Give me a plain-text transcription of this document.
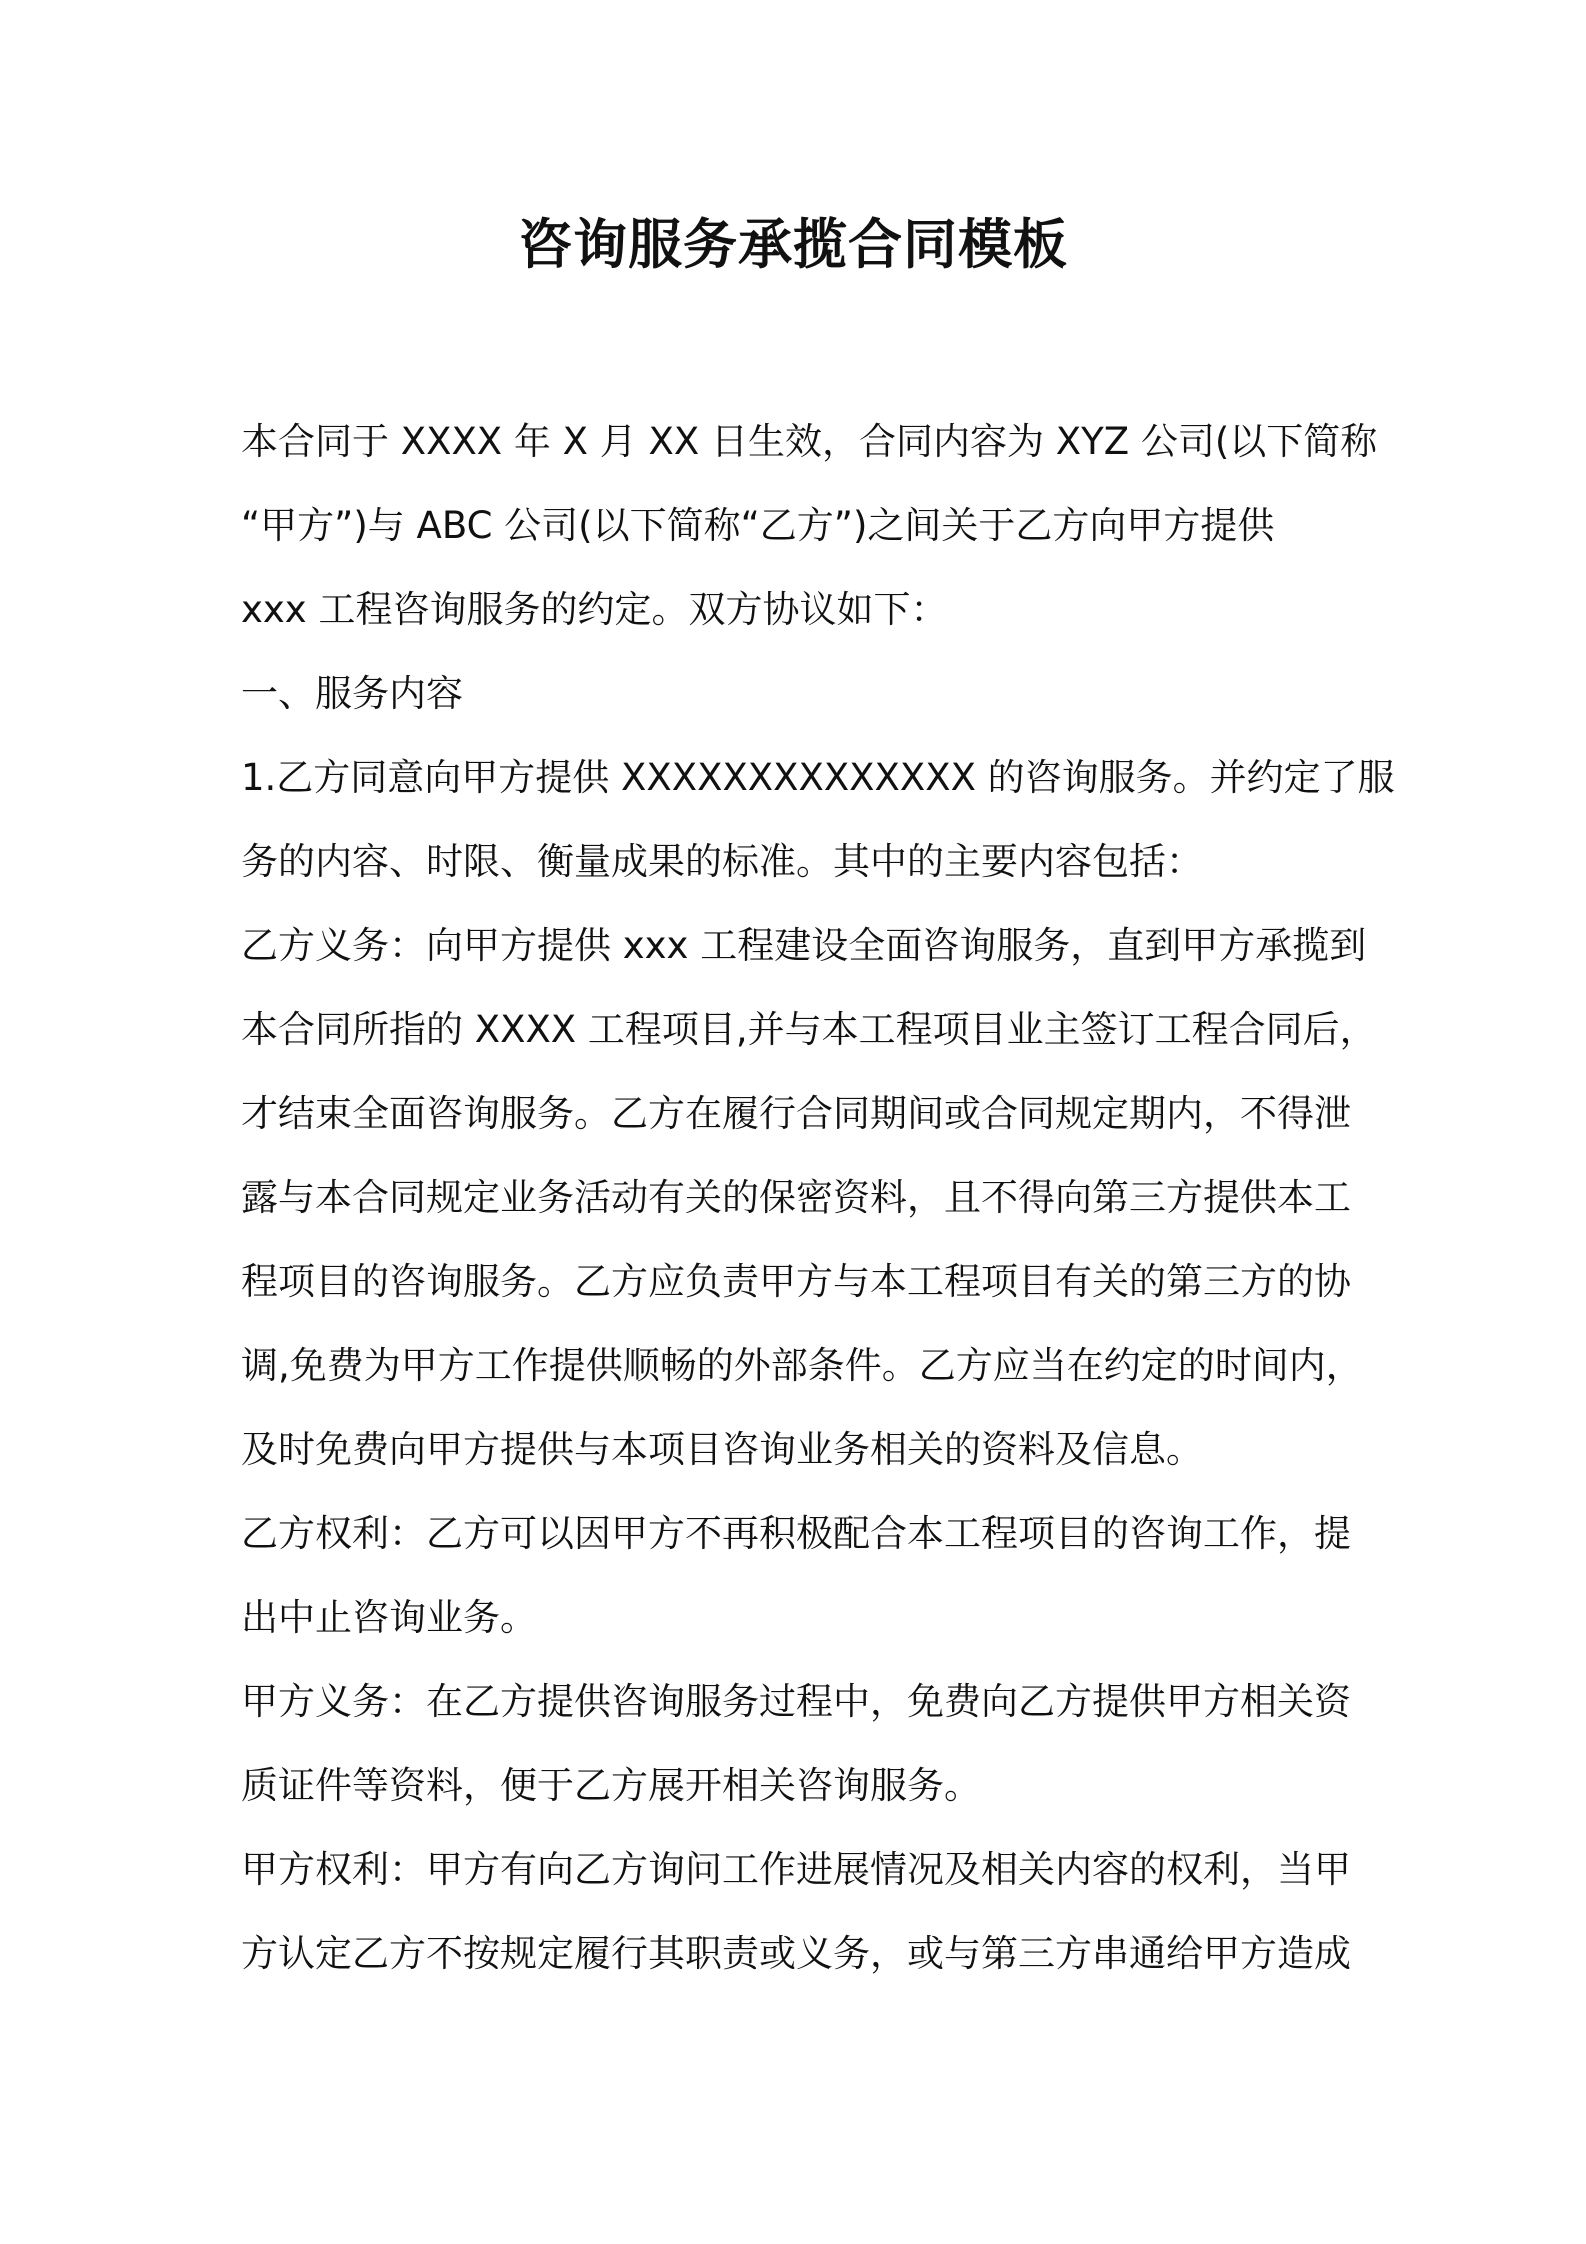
咨询服务承揽合同模板

本合同于 XXXX 年 X 月 XX 日生效，合同内容为 XYZ 公司(以下简称

“甲方”)与 ABC 公司(以下简称“乙方”)之间关于乙方向甲方提供

xxx 工程咨询服务的约定。双方协议如下：

一、服务内容

1.乙方同意向甲方提供 XXXXXXXXXXXXXX 的咨询服务。并约定了服

务的内容、时限、衡量成果的标准。其中的主要内容包括：

乙方义务：向甲方提供 xxx 工程建设全面咨询服务，直到甲方承揽到

本合同所指的 XXXX 工程项目,并与本工程项目业主签订工程合同后，

才结束全面咨询服务。乙方在履行合同期间或合同规定期内，不得泄

露与本合同规定业务活动有关的保密资料，且不得向第三方提供本工

程项目的咨询服务。乙方应负责甲方与本工程项目有关的第三方的协

调,免费为甲方工作提供顺畅的外部条件。乙方应当在约定的时间内，

及时免费向甲方提供与本项目咨询业务相关的资料及信息。

乙方权利：乙方可以因甲方不再积极配合本工程项目的咨询工作，提

出中止咨询业务。

甲方义务：在乙方提供咨询服务过程中，免费向乙方提供甲方相关资

质证件等资料，便于乙方展开相关咨询服务。

甲方权利：甲方有向乙方询问工作进展情况及相关内容的权利，当甲

方认定乙方不按规定履行其职责或义务，或与第三方串通给甲方造成
